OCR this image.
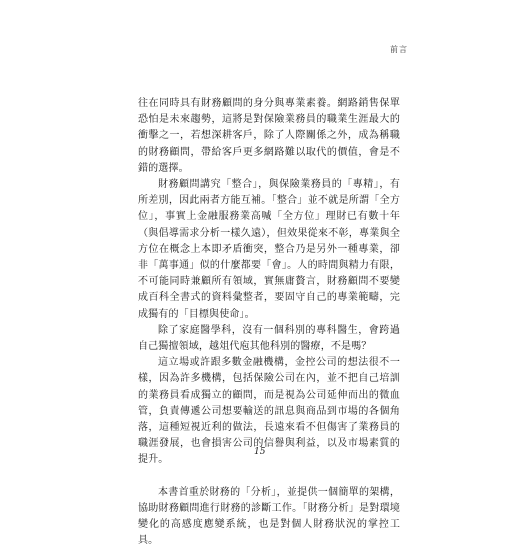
前言

往在同時具有財務顧問的身分與專業素養。網路銷售保單恐怕是未來趨勢，這將是對保險業務員的職業生涯最大的衝擊之一，若想深耕客戶，除了人際關係之外，成為稱職的財務顧問，帶給客戶更多網路難以取代的價值，會是不錯的選擇。

財務顧問講究「整合」，與保險業務員的「專精」，有所差別，因此兩者方能互補。「整合」並不就是所謂「全方位」，事實上金融服務業高喊「全方位」理財已有數十年（與倡導需求分析一樣久遠），但效果從來不彰，專業與全方位在概念上本即矛盾衝突，整合乃是另外一種專業，卻非「萬事通」似的什麼都要「會」。人的時間與精力有限，不可能同時兼顧所有領域，實無庸贅言，財務顧問不要變成百科全書式的資料彙整者，要固守自己的專業範疇，完成獨有的「目標與使命」。

除了家庭醫學科，沒有一個科別的專科醫生，會跨過自己獨擅領域，越俎代庖其他科別的醫療，不是嗎？

這立場或許跟多數金融機構，金控公司的想法很不一樣，因為許多機構，包括保險公司在內，並不把自己培訓的業務員看成獨立的顧問，而是視為公司延伸而出的微血管，負責傳遞公司想要輸送的訊息與商品到市場的各個角落，這種短視近利的做法，長遠來看不但傷害了業務員的職涯發展，也會損害公司的信譽與利益，以及市場素質的提升。

本書首重於財務的「分析」，並提供一個簡單的架構，協助財務顧問進行財務的診斷工作。「財務分析」是對環境變化的高感度應變系統，也是對個人財務狀況的掌控工具。

15
